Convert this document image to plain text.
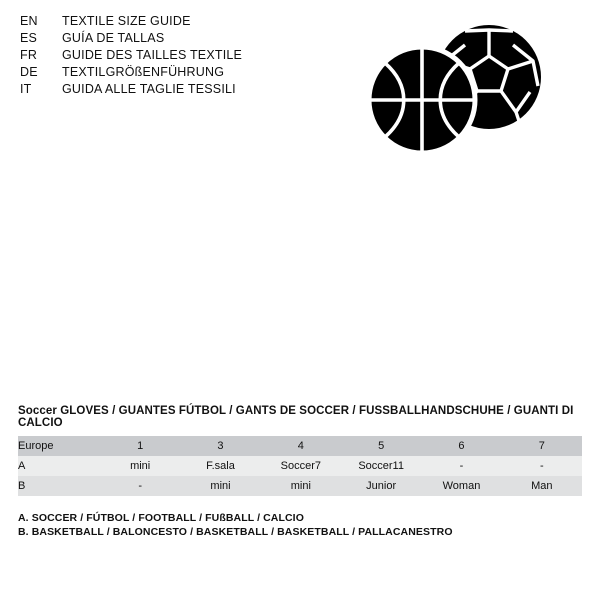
EN	TEXTILE SIZE GUIDE
ES	GUÍA DE TALLAS
FR	GUIDE DES TAILLES TEXTILE
DE	TEXTILGRÖßENFÜHRUNG
IT	GUIDA ALLE TAGLIE TESSILI
Soccer GLOVES / GUANTES FÚTBOL / GANTS DE SOCCER / FUSSBALLHANDSCHUHE / GUANTI DI CALCIO
Europe	1	3	4	5	6	7
A	mini	F.sala	Soccer7	Soccer11	-	-
B	-	mini	mini	Junior	Woman	Man
A. SOCCER / FÚTBOL / FOOTBALL / FUßBALL / CALCIO
B. BASKETBALL / BALONCESTO / BASKETBALL / BASKETBALL / PALLACANESTRO
